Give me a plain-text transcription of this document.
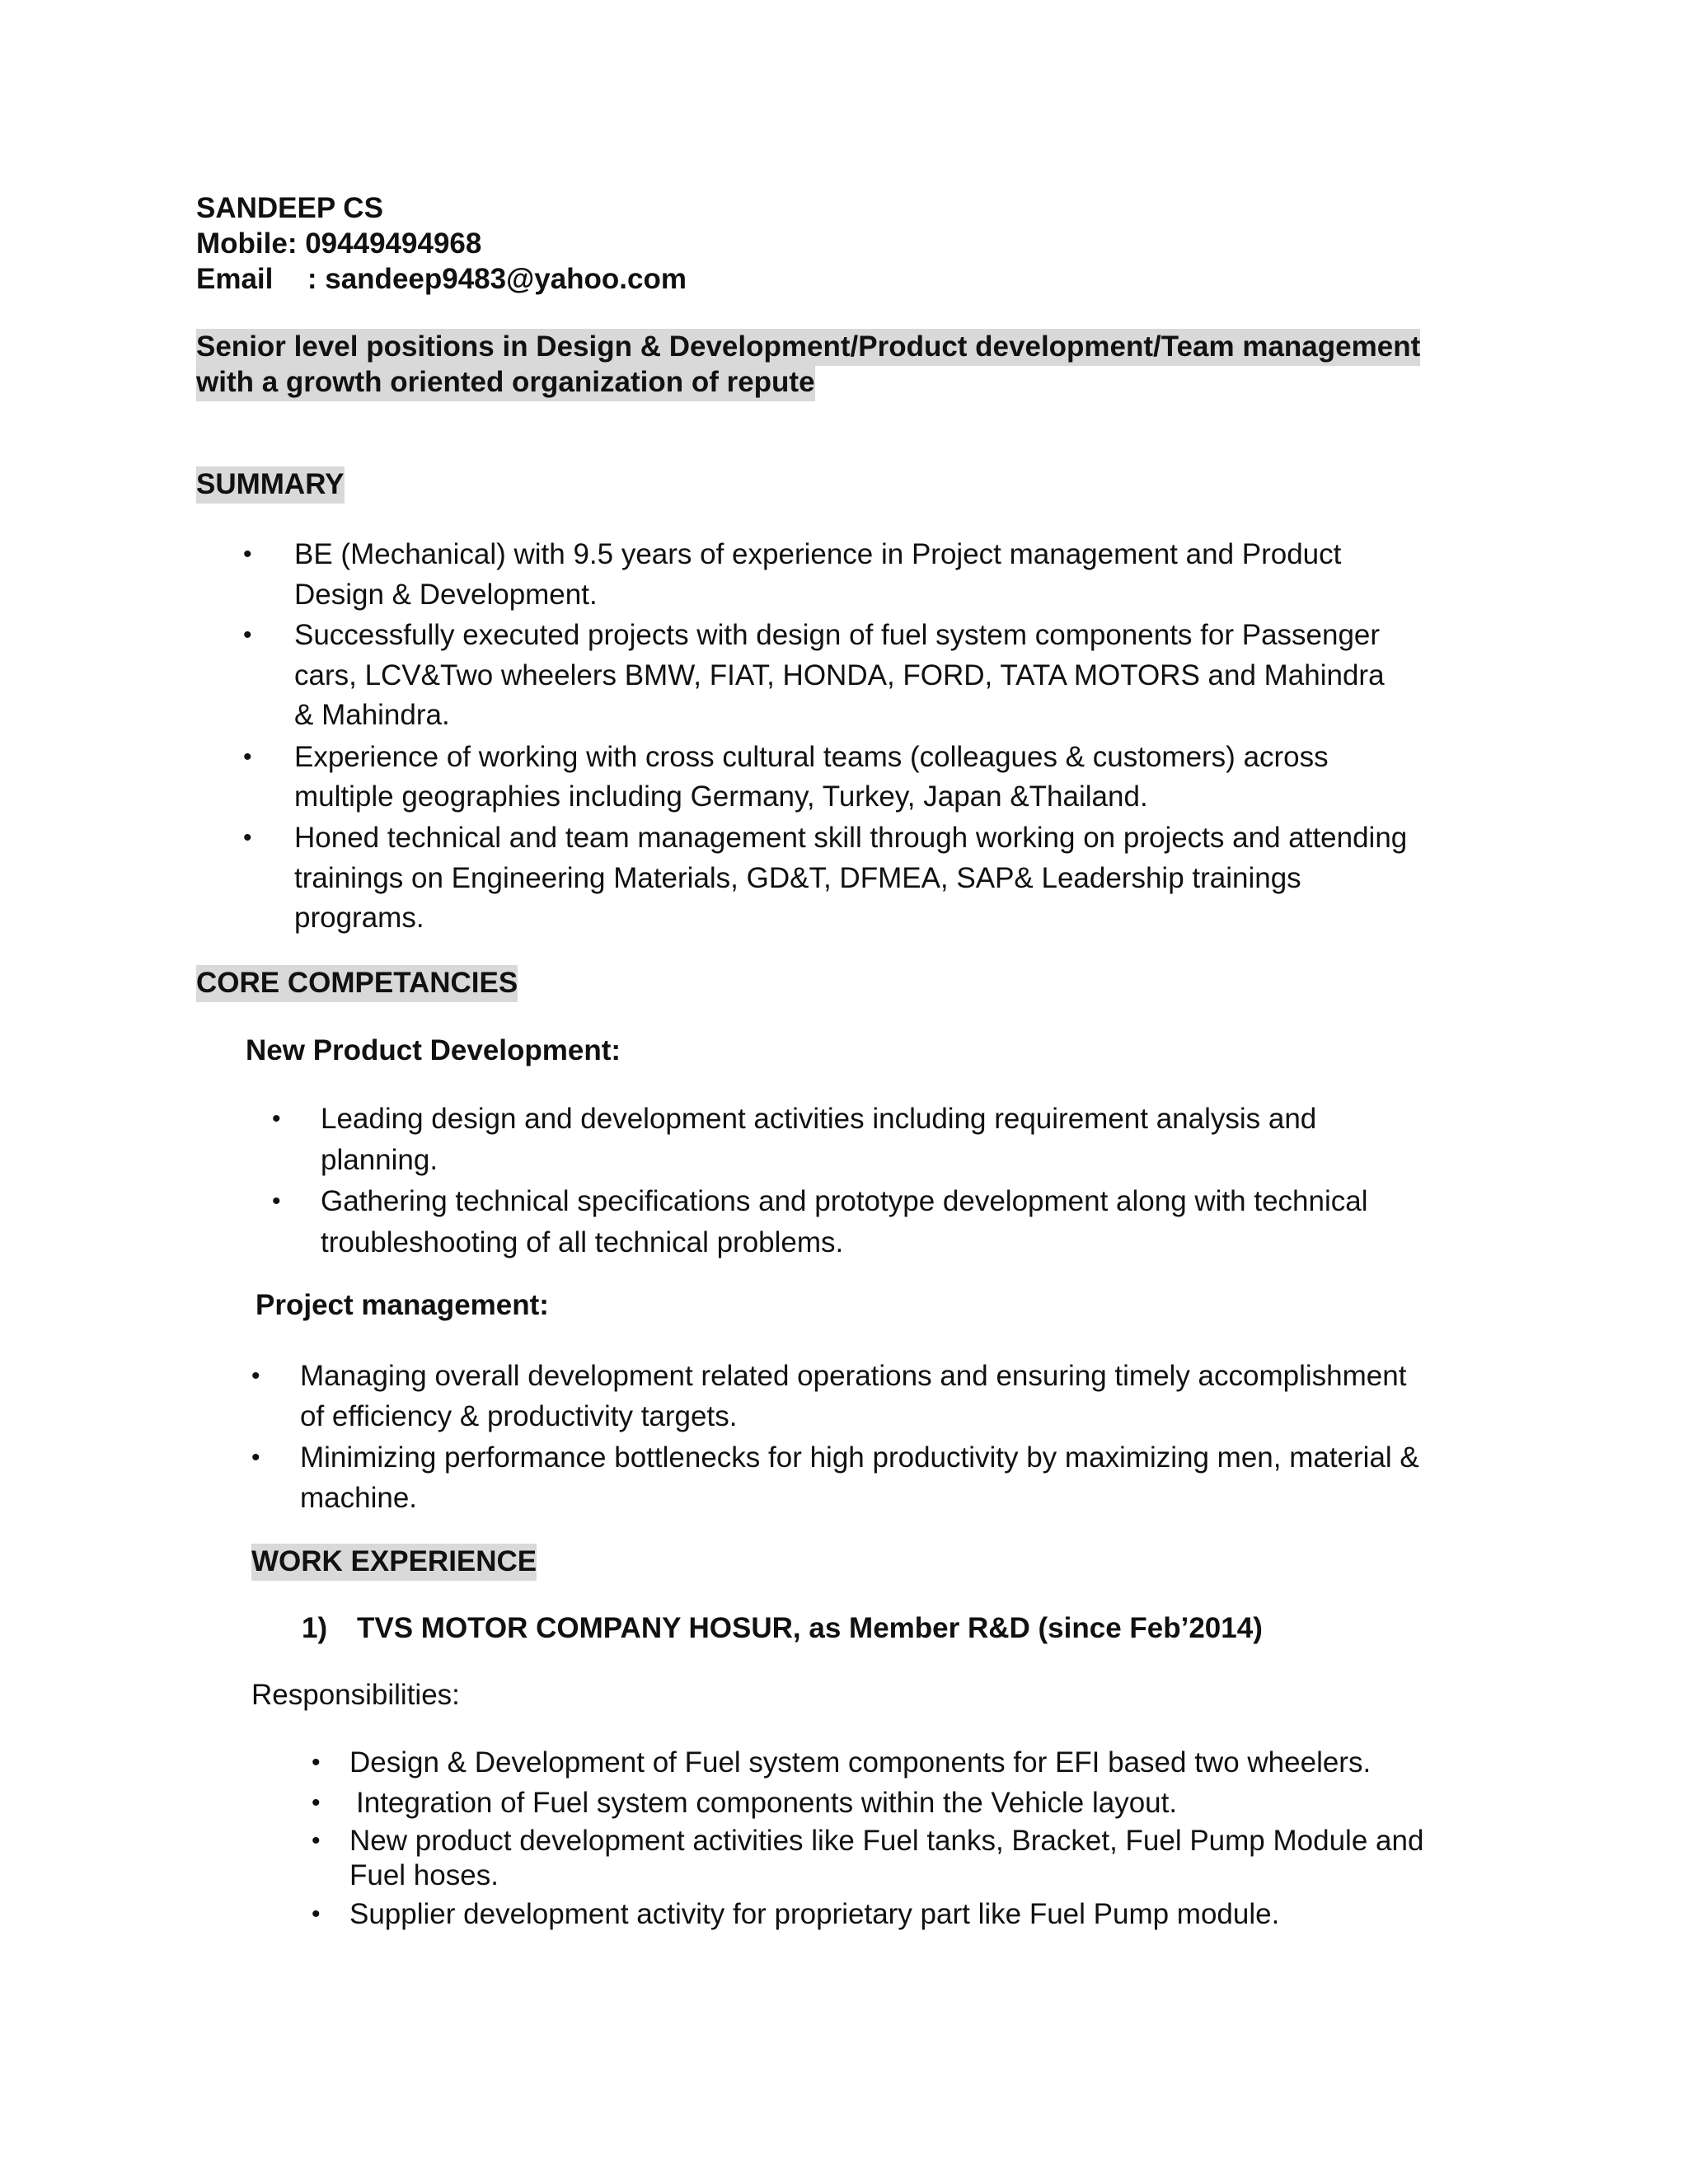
SANDEEP CS
Mobile: 09449494968
Email : sandeep9483@yahoo.com
Senior level positions in Design & Development/Product development/Team management
with a growth oriented organization of repute
SUMMARY
• BE (Mechanical) with 9.5 years of experience in Project management and Product
Design & Development.
• Successfully executed projects with design of fuel system components for Passenger
cars, LCV&Two wheelers BMW, FIAT, HONDA, FORD, TATA MOTORS and Mahindra
& Mahindra.
• Experience of working with cross cultural teams (colleagues & customers) across
multiple geographies including Germany, Turkey, Japan &Thailand.
• Honed technical and team management skill through working on projects and attending
trainings on Engineering Materials, GD&T, DFMEA, SAP& Leadership trainings
programs.
CORE COMPETANCIES
New Product Development:
• Leading design and development activities including requirement analysis and
planning.
• Gathering technical specifications and prototype development along with technical
troubleshooting of all technical problems.
Project management:
• Managing overall development related operations and ensuring timely accomplishment
of efficiency & productivity targets.
• Minimizing performance bottlenecks for high productivity by maximizing men, material &
machine.
WORK EXPERIENCE
1) TVS MOTOR COMPANY HOSUR, as Member R&D (since Feb’2014)
Responsibilities:
• Design & Development of Fuel system components for EFI based two wheelers.
• Integration of Fuel system components within the Vehicle layout.
• New product development activities like Fuel tanks, Bracket, Fuel Pump Module and
Fuel hoses.
• Supplier development activity for proprietary part like Fuel Pump module.
